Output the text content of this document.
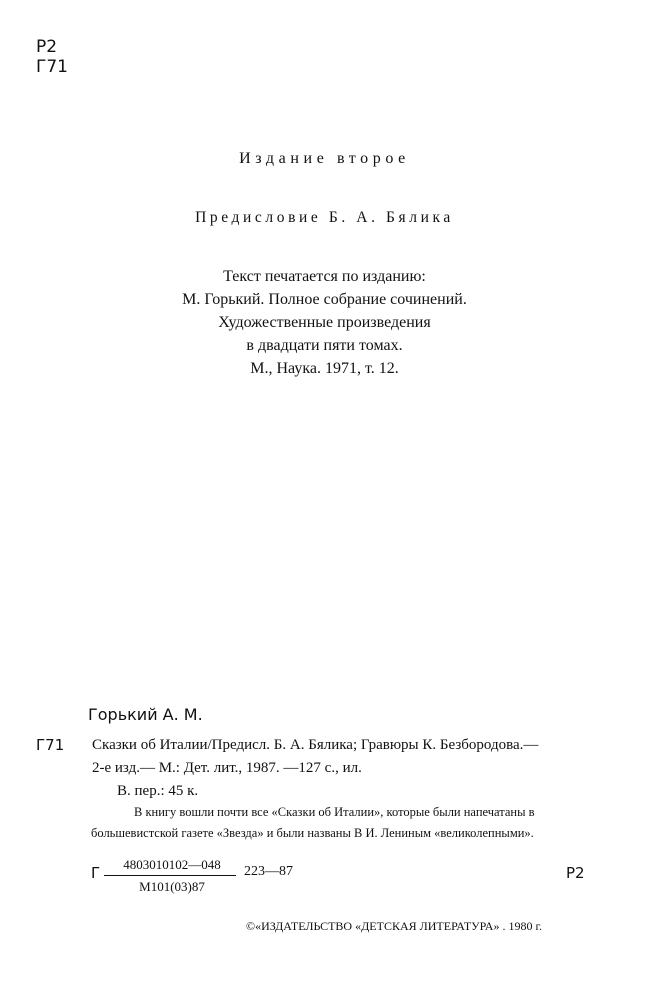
Р2
Г71
Издание второе
Предисловие Б. А. Бялика
Текст печатается по изданию:
М. Горький. Полное собрание сочинений.
Художественные произведения
в двадцати пяти томах.
М., Наука. 1971, т. 12.
Горький А. М.
Г71 Сказки об Италии/Предисл. Б. А. Бялика; Гравюры К. Безбородова.—
2-е изд.— М.: Дет. лит., 1987. —127 с., ил.
В. пер.: 45 к.
В книгу вошли почти все «Сказки об Италии», которые были напечатаны в
большевистской газете «Звезда» и были названы В И. Лениным «великолепными».
Г	4803010102—048
М101(03)87
223—87	Р2
©«ИЗДАТЕЛЬСТВО «ДЕТСКАЯ ЛИТЕРАТУРА» . 1980 г.
